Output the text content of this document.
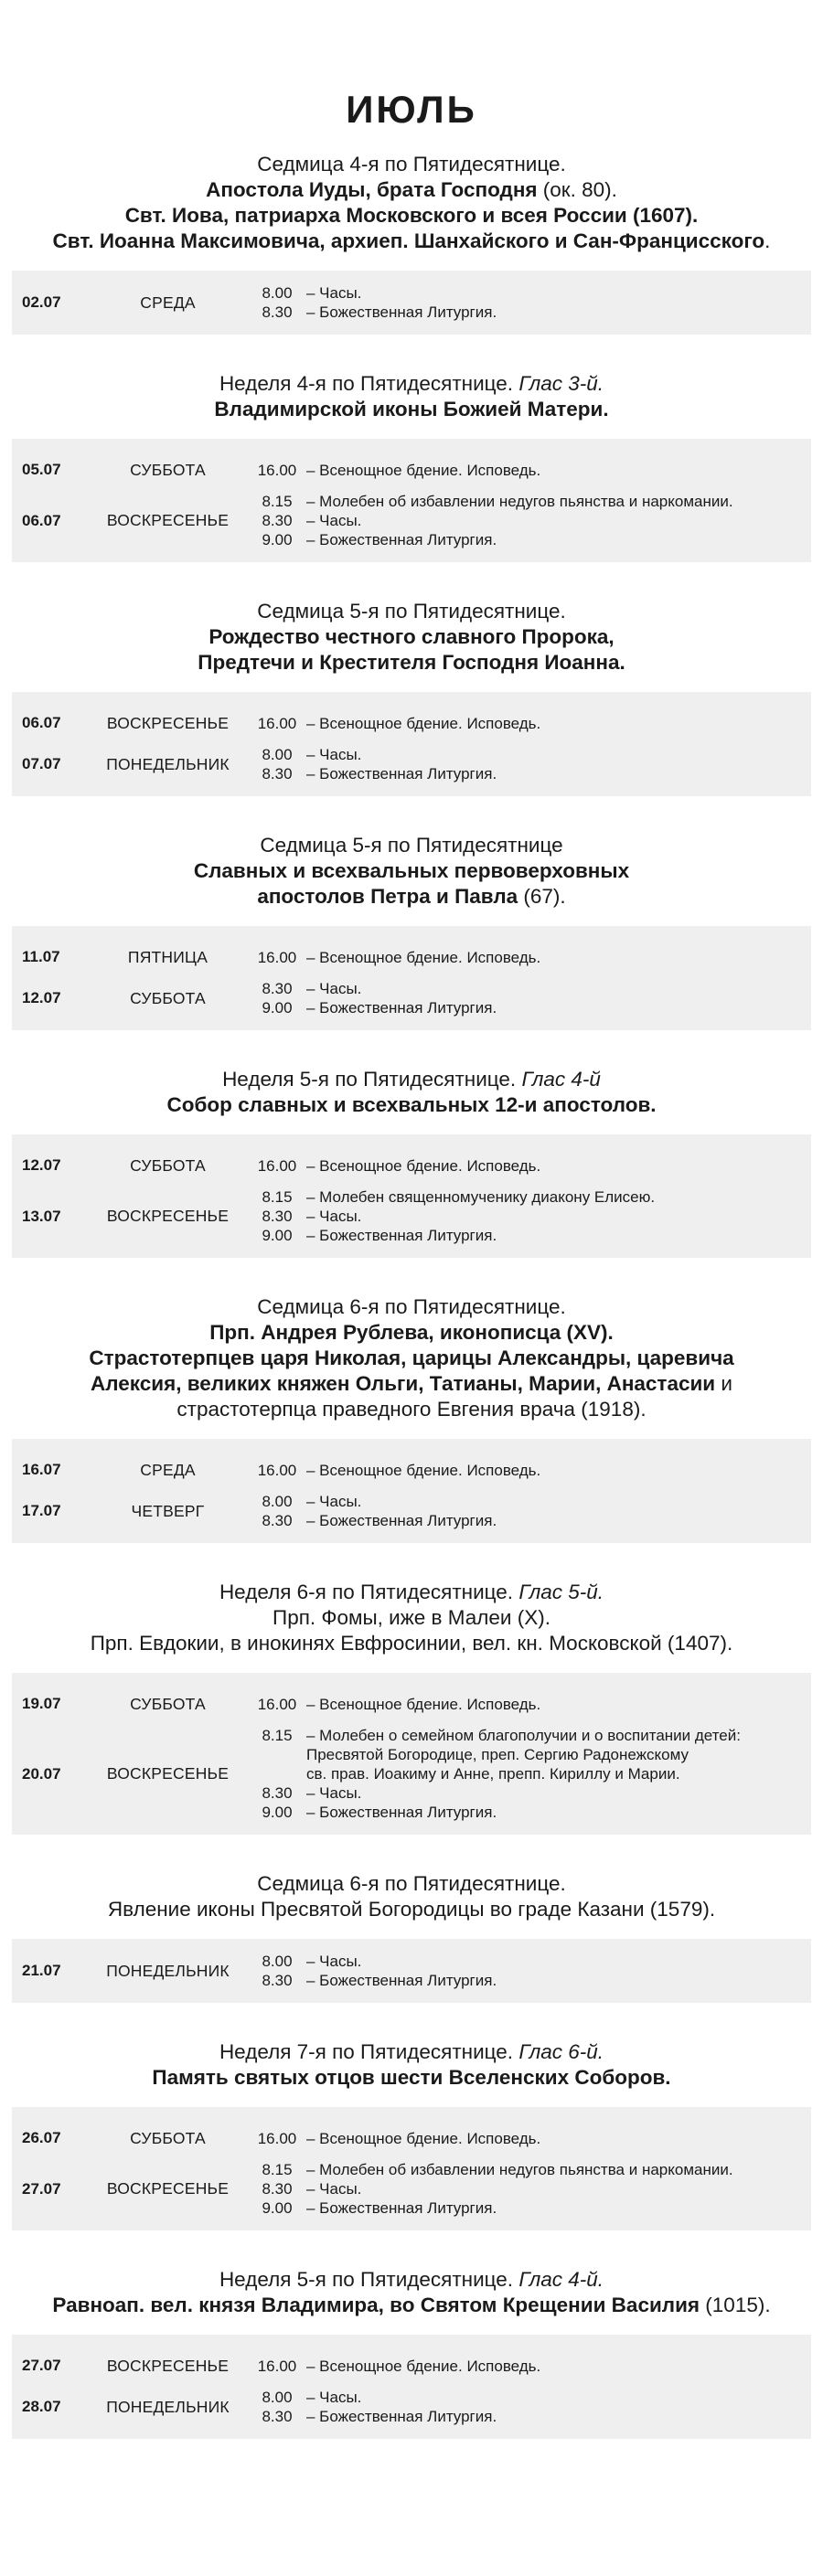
ИЮЛЬ
Седмица 4-я по Пятидесятнице.
Апостола Иуды, брата Господня (ок. 80).
Свт. Иова, патриарха Московского и всея России (1607).
Свт. Иоанна Максимовича, архиеп. Шанхайского и Сан-Францисского.
02.07	СРЕДА	8.00 – Часы.
8.30 – Божественная Литургия.
Неделя 4-я по Пятидесятнице. Глас 3-й.
Владимирской иконы Божией Матери.
05.07	СУББОТА	16.00 – Всенощное бдение. Исповедь.
06.07	ВОСКРЕСЕНЬЕ
8.15 – Молебен об избавлении недугов пьянства и наркомании.
8.30 – Часы.
9.00 – Божественная Литургия.
Седмица 5-я по Пятидесятнице.
Рождество честного славного Пророка,
Предтечи и Крестителя Господня Иоанна.
06.07	ВОСКРЕСЕНЬЕ	16.00 – Всенощное бдение. Исповедь.
07.07	ПОНЕДЕЛЬНИК	8.00 – Часы.
8.30 – Божественная Литургия.
Седмица 5-я по Пятидесятнице
Славных и всехвальных первоверховных
апостолов Петра и Павла (67).
11.07	ПЯТНИЦА	16.00 – Всенощное бдение. Исповедь.
12.07	СУББОТА	8.30 – Часы.
9.00 – Божественная Литургия.
Неделя 5-я по Пятидесятнице. Глас 4-й
Собор славных и всехвальных 12-и апостолов.
12.07	СУББОТА	16.00 – Всенощное бдение. Исповедь.
13.07	ВОСКРЕСЕНЬЕ
8.15 – Молебен священномученику диакону Елисею.
8.30 – Часы.
9.00 – Божественная Литургия.
Седмица 6-я по Пятидесятнице.
Прп. Андрея Рублева, иконописца (XV).
Страстотерпцев царя Николая, царицы Александры, царевича
Алексия, великих княжен Ольги, Татианы, Марии, Анастасии и
страстотерпца праведного Евгения врача (1918).
16.07	СРЕДА	16.00 – Всенощное бдение. Исповедь.
17.07	ЧЕТВЕРГ	8.00 – Часы.
8.30 – Божественная Литургия.
Неделя 6-я по Пятидесятнице. Глас 5-й.
Прп. Фомы, иже в Малеи (X).
Прп. Евдокии, в инокинях Евфросинии, вел. кн. Московской (1407).
19.07	СУББОТА	16.00 – Всенощное бдение. Исповедь.
20.07	ВОСКРЕСЕНЬЕ
8.15 – Молебен о семейном благополучии и о воспитании детей:
Пресвятой Богородице, преп. Сергию Радонежскому
св. прав. Иоакиму и Анне, препп. Кириллу и Марии.
8.30 – Часы.
9.00 – Божественная Литургия.
Седмица 6-я по Пятидесятнице.
Явление иконы Пресвятой Богородицы во граде Казани (1579).
21.07	ПОНЕДЕЛЬНИК	8.00 – Часы.
8.30 – Божественная Литургия.
Неделя 7-я по Пятидесятнице. Глас 6-й.
Память святых отцов шести Вселенских Соборов.
26.07	СУББОТА	16.00 – Всенощное бдение. Исповедь.
27.07	ВОСКРЕСЕНЬЕ
8.15 – Молебен об избавлении недугов пьянства и наркомании.
8.30 – Часы.
9.00 – Божественная Литургия.
Неделя 5-я по Пятидесятнице. Глас 4-й.
Равноап. вел. князя Владимира, во Святом Крещении Василия (1015).
27.07	ВОСКРЕСЕНЬЕ	16.00 – Всенощное бдение. Исповедь.
28.07	ПОНЕДЕЛЬНИК	8.00 – Часы.
8.30 – Божественная Литургия.
